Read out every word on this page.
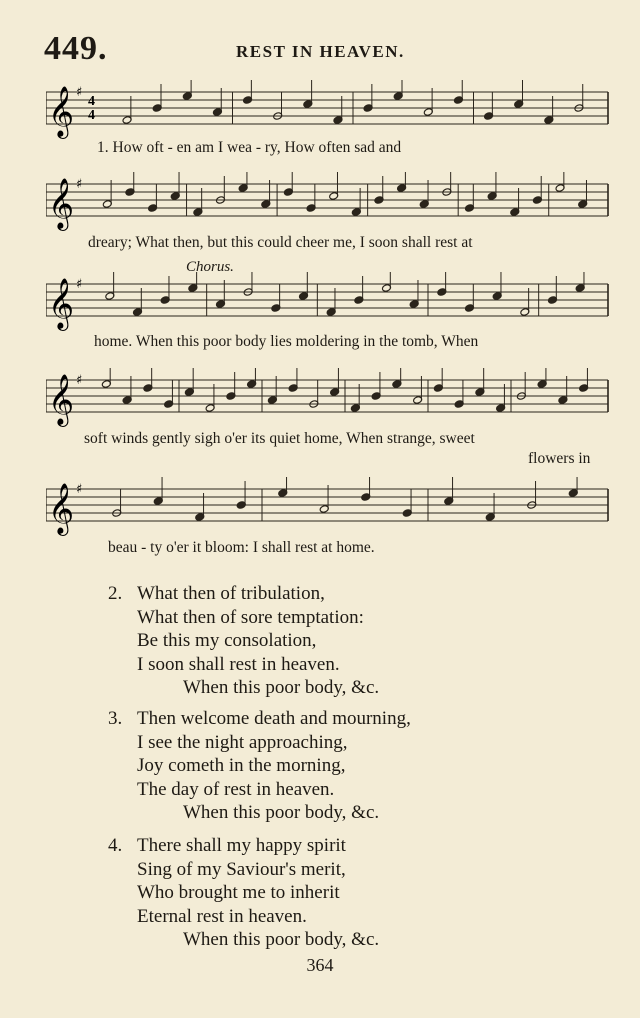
449.	REST IN HEAVEN.
𝄞 ♯
4
4
1. How oft - en am I wea - ry, How often sad and
𝄞 ♯
dreary; What then, but this could cheer me, I soon shall rest at
Chorus.
𝄞 ♯
home. When this poor body lies moldering in the tomb, When
𝄞 ♯
soft winds gently sigh o'er its quiet home, When strange, sweet
flowers in
𝄞 ♯
beau - ty o'er it bloom: I shall rest at home.
2. What then of tribulation,
What then of sore temptation:
Be this my consolation,
I soon shall rest in heaven.
When this poor body, &c.
3. Then welcome death and mourning,
I see the night approaching,
Joy cometh in the morning,
The day of rest in heaven.
When this poor body, &c.
4. There shall my happy spirit
Sing of my Saviour's merit,
Who brought me to inherit
Eternal rest in heaven.
When this poor body, &c.
364
